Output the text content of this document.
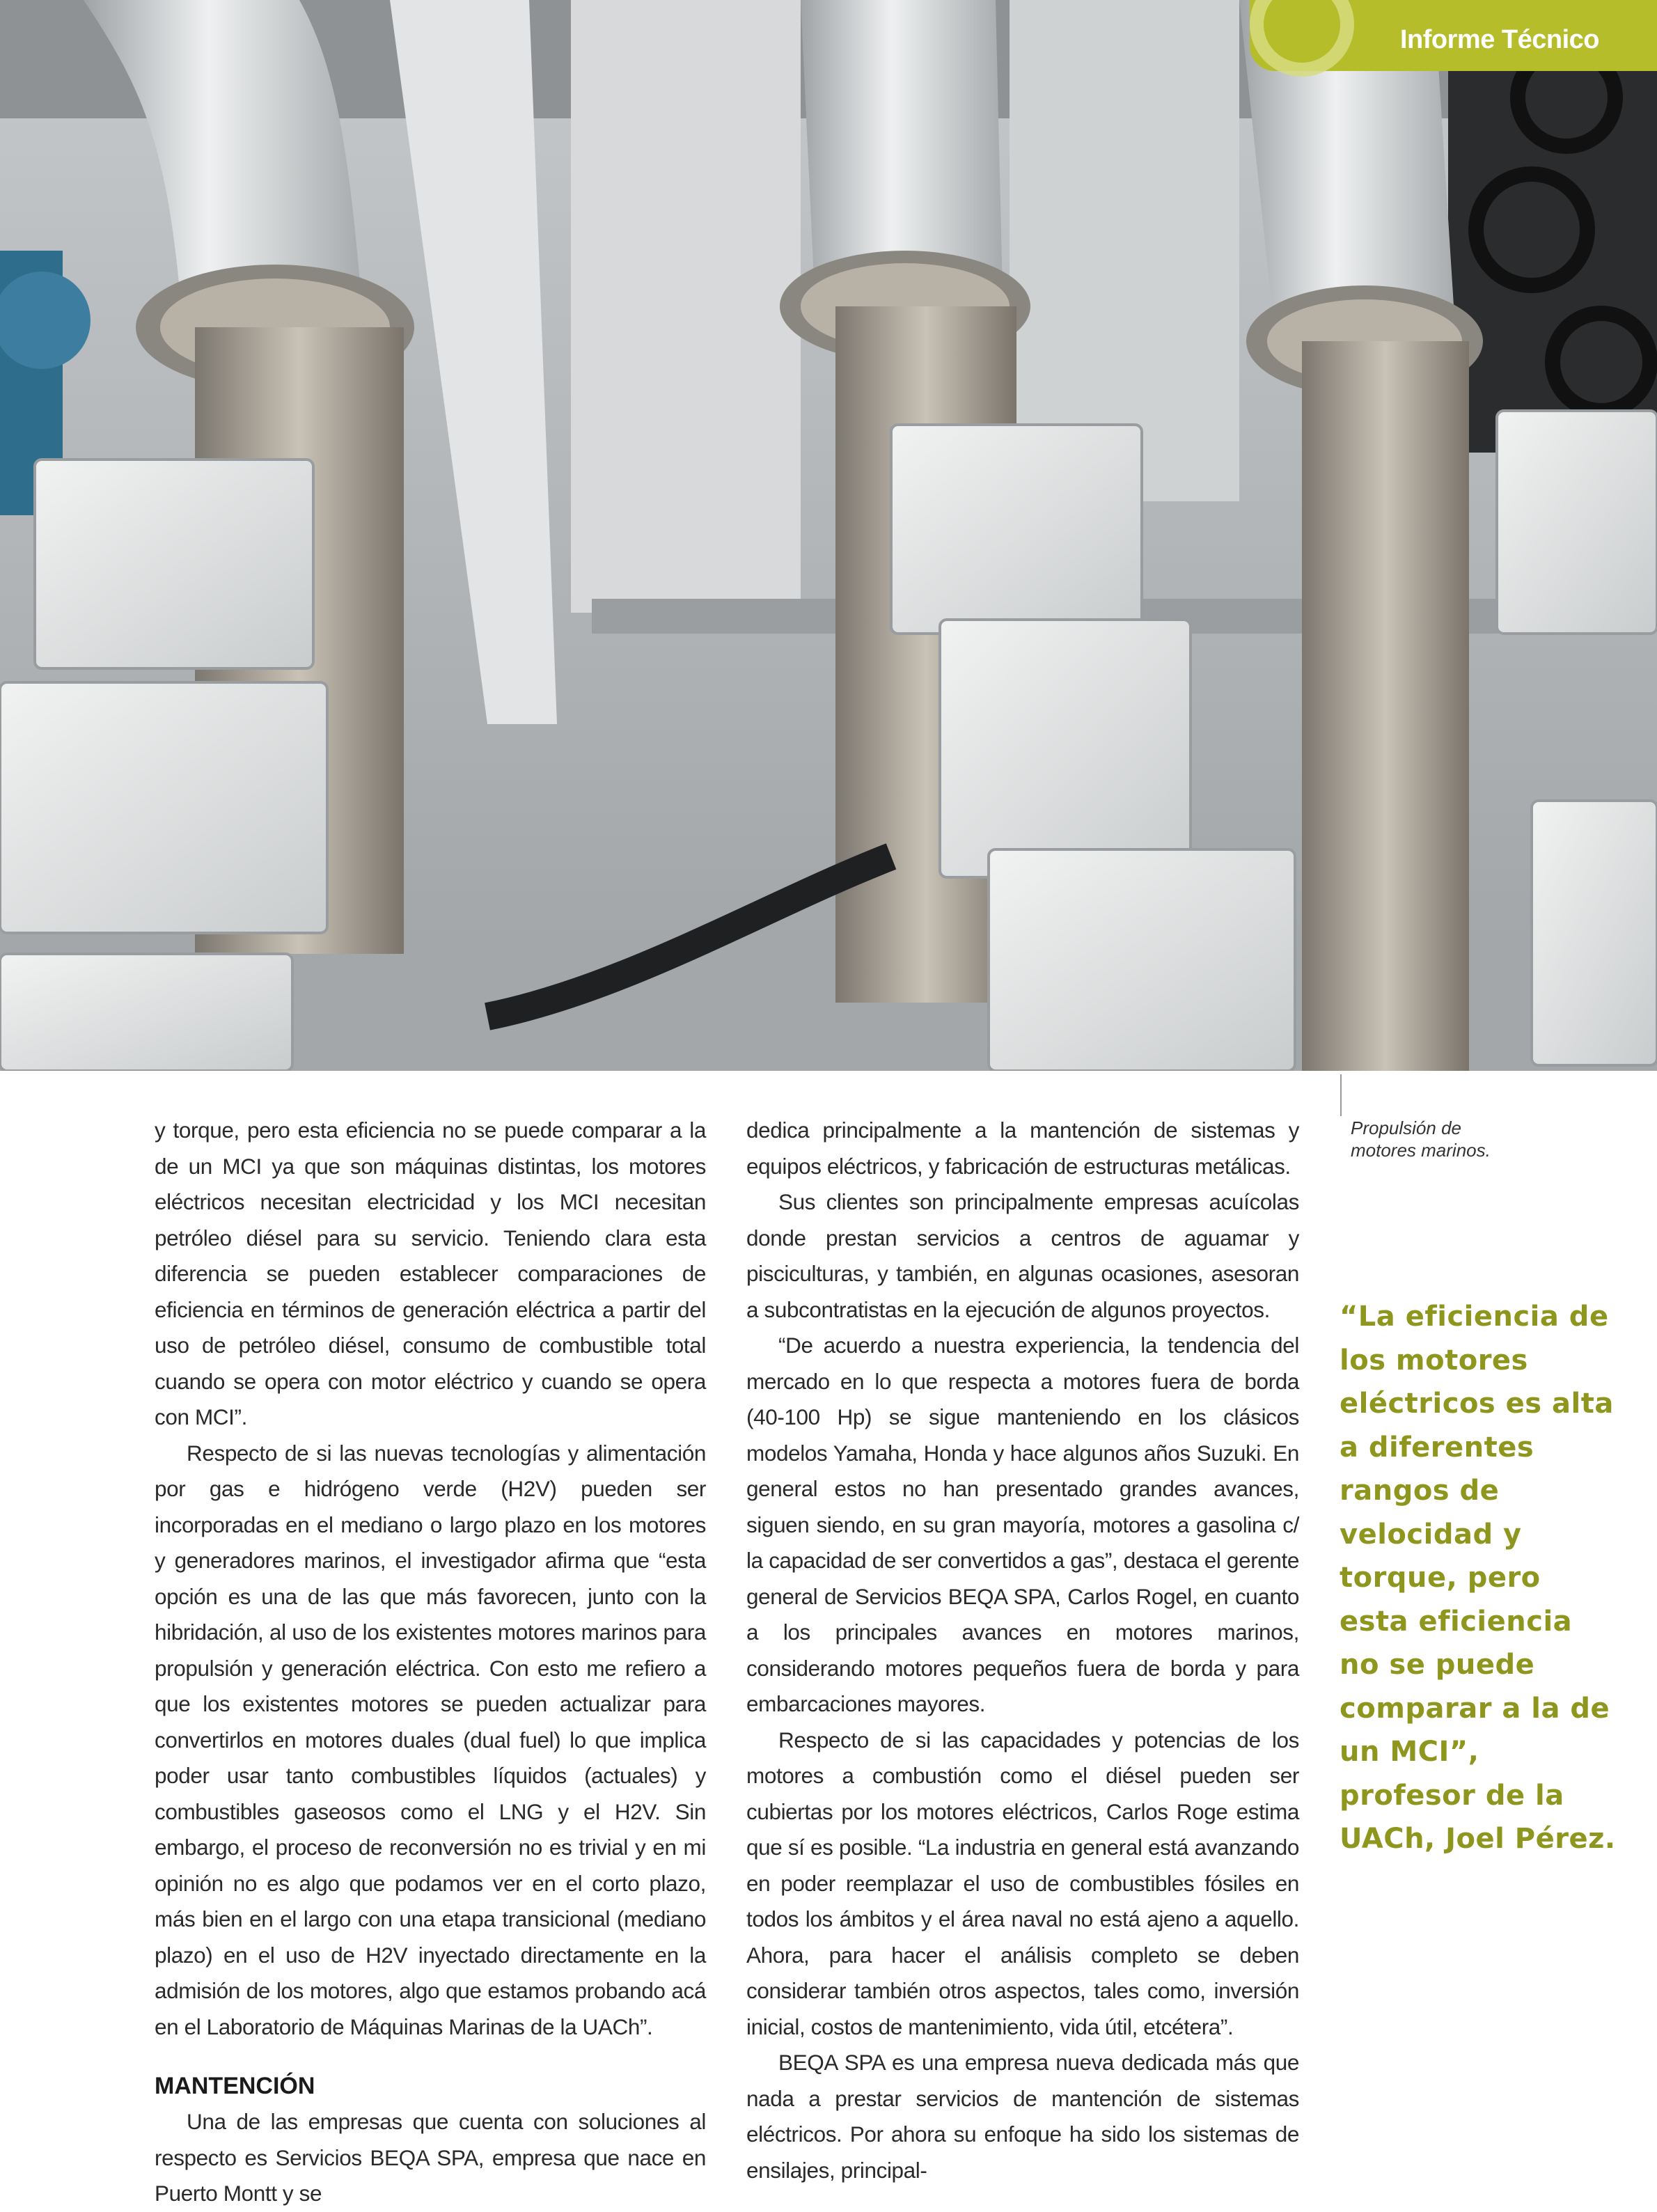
Informe Técnico

y torque, pero esta eficiencia no se puede comparar a la de un MCI ya que son máquinas distintas, los motores eléctricos necesitan electricidad y los MCI necesitan petróleo diésel para su servicio. Teniendo clara esta diferencia se pueden establecer comparaciones de eficiencia en términos de generación eléctrica a partir del uso de petróleo diésel, consumo de combustible total cuando se opera con motor eléctrico y cuando se opera con MCI”.

Respecto de si las nuevas tecnologías y alimentación por gas e hidrógeno verde (H2V) pueden ser incorporadas en el mediano o largo plazo en los motores y generadores marinos, el investigador afirma que “esta opción es una de las que más favorecen, junto con la hibridación, al uso de los existentes motores marinos para propulsión y generación eléctrica. Con esto me refiero a que los existentes motores se pueden actualizar para convertirlos en motores duales (dual fuel) lo que implica poder usar tanto combustibles líquidos (actuales) y combustibles gaseosos como el LNG y el H2V. Sin embargo, el proceso de reconversión no es trivial y en mi opinión no es algo que podamos ver en el corto plazo, más bien en el largo con una etapa transicional (mediano plazo) en el uso de H2V inyectado directamente en la admisión de los motores, algo que estamos probando acá en el Laboratorio de Máquinas Marinas de la UACh”.

MANTENCIÓN

Una de las empresas que cuenta con soluciones al respecto es Servicios BEQA SPA, empresa que nace en Puerto Montt y se

dedica principalmente a la mantención de sistemas y equipos eléctricos, y fabricación de estructuras metálicas.

Sus clientes son principalmente empresas acuícolas donde prestan servicios a centros de aguamar y pisciculturas, y también, en algunas ocasiones, asesoran a subcontratistas en la ejecución de algunos proyectos.

“De acuerdo a nuestra experiencia, la tendencia del mercado en lo que respecta a motores fuera de borda (40-100 Hp) se sigue manteniendo en los clásicos modelos Yamaha, Honda y hace algunos años Suzuki. En general estos no han presentado grandes avances, siguen siendo, en su gran mayoría, motores a gasolina c/ la capacidad de ser convertidos a gas”, destaca el gerente general de Servicios BEQA SPA, Carlos Rogel, en cuanto a los principales avances en motores marinos, considerando motores pequeños fuera de borda y para embarcaciones mayores.

Respecto de si las capacidades y potencias de los motores a combustión como el diésel pueden ser cubiertas por los motores eléctricos, Carlos Roge estima que sí es posible. “La industria en general está avanzando en poder reemplazar el uso de combustibles fósiles en todos los ámbitos y el área naval no está ajeno a aquello. Ahora, para hacer el análisis completo se deben considerar también otros aspectos, tales como, inversión inicial, costos de mantenimiento, vida útil, etcétera”.

BEQA SPA es una empresa nueva dedicada más que nada a prestar servicios de mantención de sistemas eléctricos. Por ahora su enfoque ha sido los sistemas de ensilajes, principal-

Propulsión de motores marinos.
“La eficiencia de los motores eléctricos es alta a diferentes rangos de velocidad y torque, pero esta eficiencia no se puede comparar a la de un MCI”, profesor de la UACh, Joel Pérez.
